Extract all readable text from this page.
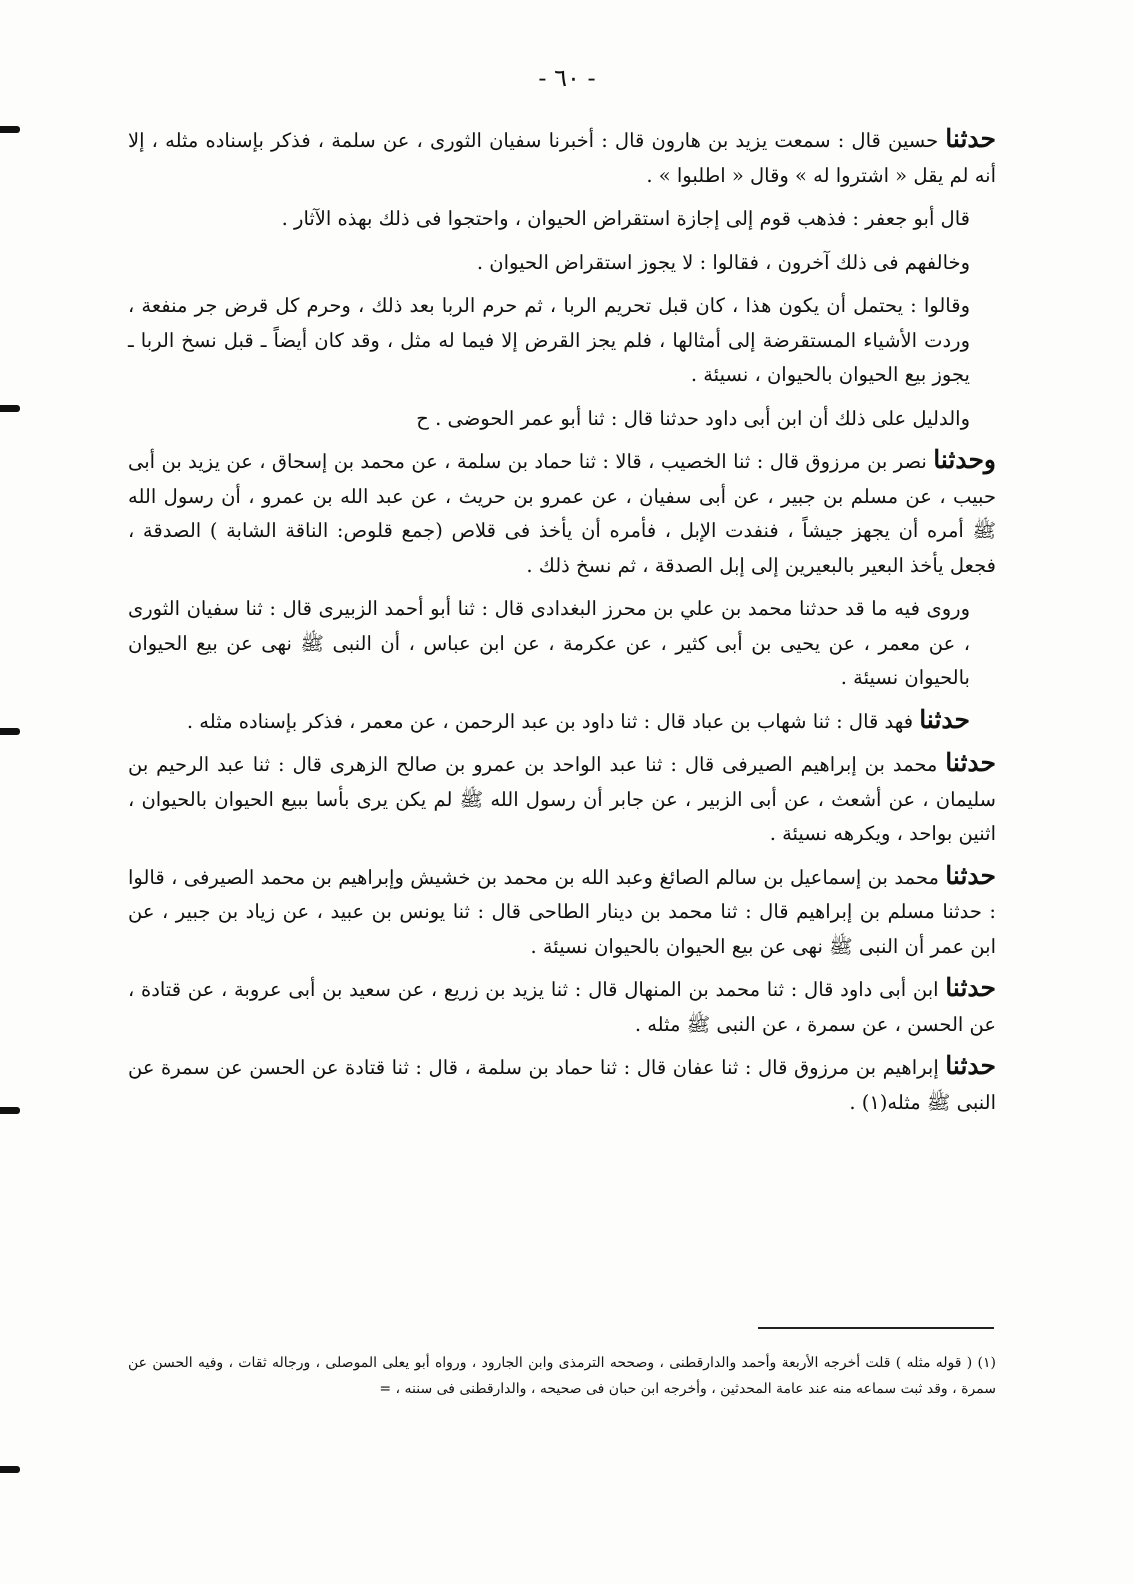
- ٦٠ -

حدثنا حسين قال : سمعت يزيد بن هارون قال : أخبرنا سفيان الثورى ، عن سلمة ، فذكر بإسناده مثله ، إلا أنه لم يقل « اشتروا له » وقال « اطلبوا » .

قال أبو جعفر : فذهب قوم إلى إجازة استقراض الحيوان ، واحتجوا فى ذلك بهذه الآثار .

وخالفهم فى ذلك آخرون ، فقالوا : لا يجوز استقراض الحيوان .

وقالوا : يحتمل أن يكون هذا ، كان قبل تحريم الربا ، ثم حرم الربا بعد ذلك ، وحرم كل قرض جر منفعة ، وردت الأشياء المستقرضة إلى أمثالها ، فلم يجز القرض إلا فيما له مثل ، وقد كان أيضاً ـ قبل نسخ الربا ـ يجوز بيع الحيوان بالحيوان ، نسيئة .

والدليل على ذلك أن ابن أبى داود حدثنا قال : ثنا أبو عمر الحوضى . ح

وحدثنا نصر بن مرزوق قال : ثنا الخصيب ، قالا : ثنا حماد بن سلمة ، عن محمد بن إسحاق ، عن يزيد بن أبى حبيب ، عن مسلم بن جبير ، عن أبى سفيان ، عن عمرو بن حريث ، عن عبد الله بن عمرو ، أن رسول الله ﷺ أمره أن يجهز جيشاً ، فنفدت الإبل ، فأمره أن يأخذ فى قلاص (جمع قلوص: الناقة الشابة ) الصدقة ، فجعل يأخذ البعير بالبعيرين إلى إبل الصدقة ، ثم نسخ ذلك .

وروى فيه ما قد حدثنا محمد بن علي بن محرز البغدادى قال : ثنا أبو أحمد الزبيرى قال : ثنا سفيان الثورى ، عن معمر ، عن يحيى بن أبى كثير ، عن عكرمة ، عن ابن عباس ، أن النبى ﷺ نهى عن بيع الحيوان بالحيوان نسيئة .

حدثنا فهد قال : ثنا شهاب بن عباد قال : ثنا داود بن عبد الرحمن ، عن معمر ، فذكر بإسناده مثله .

حدثنا محمد بن إبراهيم الصيرفى قال : ثنا عبد الواحد بن عمرو بن صالح الزهرى قال : ثنا عبد الرحيم بن سليمان ، عن أشعث ، عن أبى الزبير ، عن جابر أن رسول الله ﷺ لم يكن يرى بأسا ببيع الحيوان بالحيوان ، اثنين بواحد ، ويكرهه نسيئة .

حدثنا محمد بن إسماعيل بن سالم الصائغ وعبد الله بن محمد بن خشيش وإبراهيم بن محمد الصيرفى ، قالوا : حدثنا مسلم بن إبراهيم قال : ثنا محمد بن دينار الطاحى قال : ثنا يونس بن عبيد ، عن زياد بن جبير ، عن ابن عمر أن النبى ﷺ نهى عن بيع الحيوان بالحيوان نسيئة .

حدثنا ابن أبى داود قال : ثنا محمد بن المنهال قال : ثنا يزيد بن زريع ، عن سعيد بن أبى عروبة ، عن قتادة ، عن الحسن ، عن سمرة ، عن النبى ﷺ مثله .

حدثنا إبراهيم بن مرزوق قال : ثنا عفان قال : ثنا حماد بن سلمة ، قال : ثنا قتادة عن الحسن عن سمرة عن النبى ﷺ مثله(١) .

(١) ( قوله مثله ) قلت أخرجه الأربعة وأحمد والدارقطنى ، وصححه الترمذى وابن الجارود ، ورواه أبو يعلى الموصلى ، ورجاله ثقات ، وفيه الحسن عن سمرة ، وقد ثبت سماعه منه عند عامة المحدثين ، وأخرجه ابن حبان فى صحيحه ، والدارقطنى فى سننه ، =
